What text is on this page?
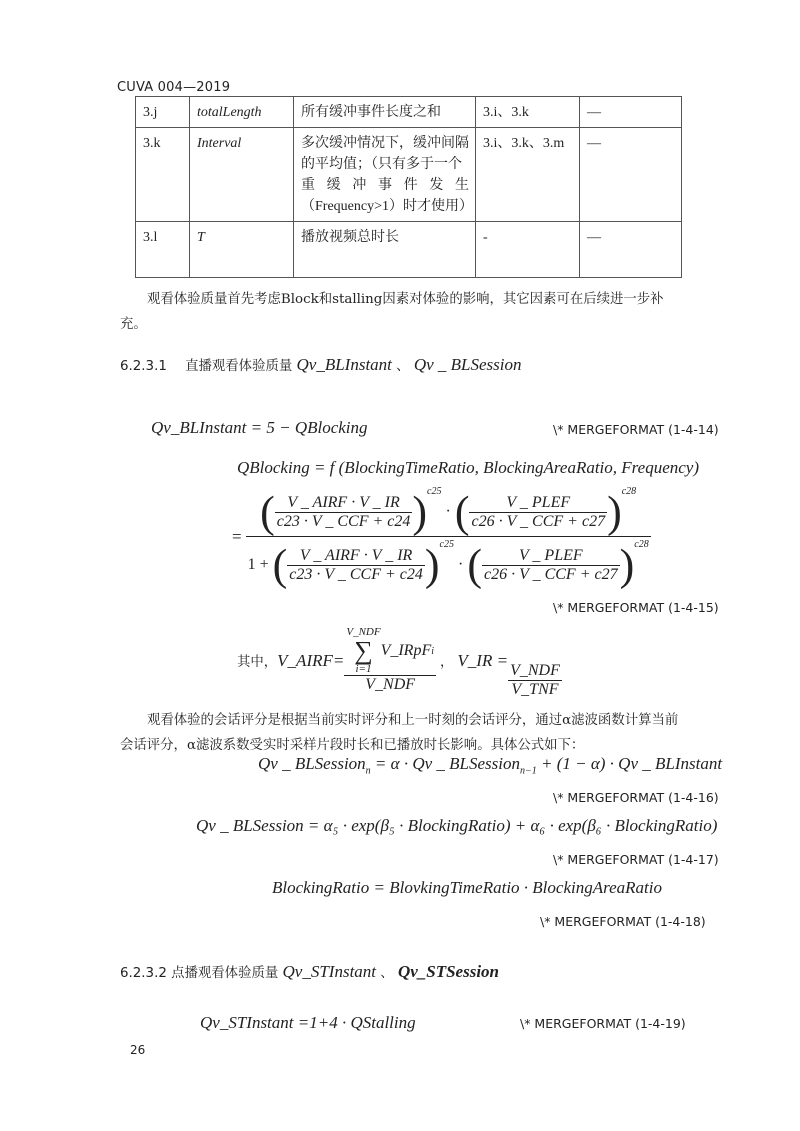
CUVA 004—2019
3.j	totalLength	所有缓冲事件长度之和	3.i、3.k	—
3.k	Interval	多次缓冲情况下，缓冲间隔
的平均值；（只有多于一个
重 缓 冲 事 件 发 生
（Frequency>1）时才使用）	3.i、3.k、3.m	—
3.l	T	播放视频总时长	-	—
观看体验质量首先考虑Block和stalling因素对体验的影响，其它因素可在后续进一步补充。
6.2.3.1 直播观看体验质量 Qv_BLInstant 、 Qv _ BLSession
Qv_BLInstant = 5 − QBlocking	\* MERGEFORMAT (1-4-14)
QBlocking = f (BlockingTimeRatio, BlockingAreaRatio, Frequency)
= ( $\frac{\text{V \_ AIRF · V \_ IR}}{\text{c23 · V \_ CCF + c24}} )^{c25}$ · ( $\frac{\text{V \_ PLEF}}{\text{c26 · V \_ CCF + c27}} )^{c28}$
1 + ( $\frac{\text{V \_ AIRF · V \_ IR}}{\text{c23 · V \_ CCF + c24}} )^{c25}$ · ( $\frac{\text{V \_ PLEF}}{\text{c26 · V \_ CCF + c27}} )^{c28}$
\* MERGEFORMAT (1-4-15)
其中， V_AIRF= V_NDF
∑
i=1
V_IRpF i
V_NDF ， V_IR =
$\frac{\text{V\_NDF}}{\text{V\_TNF}}$
观看体验的会话评分是根据当前实时评分和上一时刻的会话评分，通过α滤波函数计算当前会话评分，α滤波系数受实时采样片段时长和已播放时长影响。具体公式如下：
Qv _ BLSession$_n$ = α · Qv _ BLSession$_{n-1}$ + (1 − α) · Qv _ BLInstant
\* MERGEFORMAT (1-4-16)
Qv _ BLSession = α₅ · exp(β₅ · BlockingRatio) + α₆ · exp(β₆ · BlockingRatio)
\* MERGEFORMAT (1-4-17)
BlockingRatio = BlovkingTimeRatio · BlockingAreaRatio
\* MERGEFORMAT (1-4-18)
6.2.3.2 点播观看体验质量 Qv_STInstant 、 Qv_STSession
Qv_STInstant =1+4 · QStalling	\* MERGEFORMAT (1-4-19)
26
